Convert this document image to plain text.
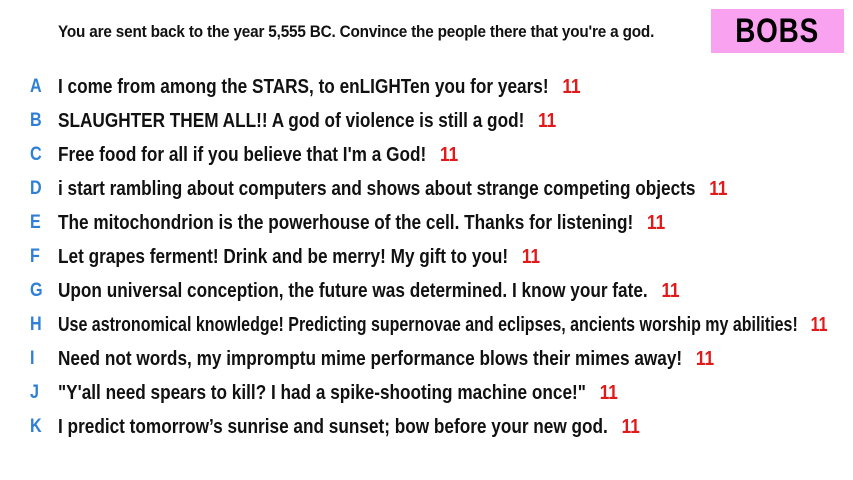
You are sent back to the year 5,555 BC. Convince the people there that you're a god. BOBS
A I come from among the STARS, to enLIGHTen you for years! 11
B SLAUGHTER THEM ALL!! A god of violence is still a god! 11
C Free food for all if you believe that I'm a God! 11
D i start rambling about computers and shows about strange competing objects 11
E The mitochondrion is the powerhouse of the cell. Thanks for listening! 11
F Let grapes ferment! Drink and be merry! My gift to you! 11
G Upon universal conception, the future was determined. I know your fate. 11
H Use astronomical knowledge! Predicting supernovae and eclipses, ancients worship my abilities! 11
I	Need not words, my impromptu mime performance blows their mimes away! 11
J "Y'all need spears to kill? I had a spike-shooting machine once!" 11
K I predict tomorrow’s sunrise and sunset; bow before your new god. 11
